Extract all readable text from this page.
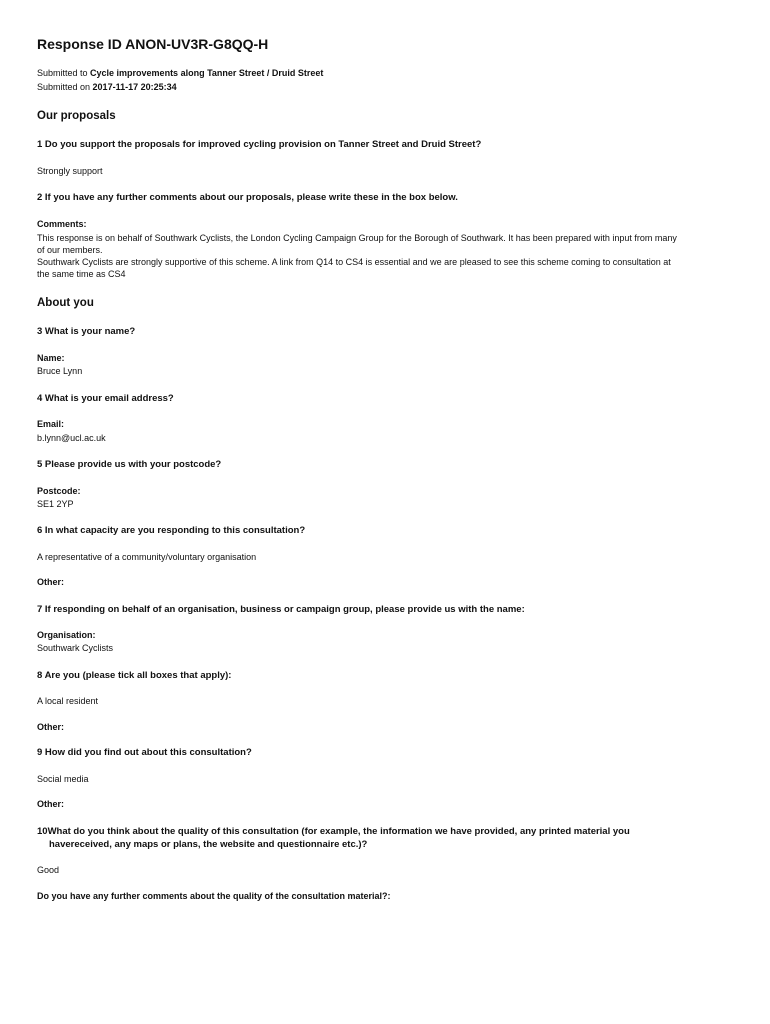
Response ID ANON-UV3R-G8QQ-H
Submitted to Cycle improvements along Tanner Street / Druid Street
Submitted on 2017-11-17 20:25:34
Our proposals
1 Do you support the proposals for improved cycling provision on Tanner Street and Druid Street?
Strongly support
2 If you have any further comments about our proposals, please write these in the box below.
Comments:
This response is on behalf of Southwark Cyclists, the London Cycling Campaign Group for the Borough of Southwark. It has been prepared with input from many
of our members.
Southwark Cyclists are strongly supportive of this scheme. A link from Q14 to CS4 is essential and we are pleased to see this scheme coming to consultation at
the same time as CS4
About you
3 What is your name?
Name:
Bruce Lynn
4 What is your email address?
Email:
b.lynn@ucl.ac.uk
5 Please provide us with your postcode?
Postcode:
SE1 2YP
6 In what capacity are you responding to this consultation?
A representative of a community/voluntary organisation
Other:
7 If responding on behalf of an organisation, business or campaign group, please provide us with the name:
Organisation:
Southwark Cyclists
8 Are you (please tick all boxes that apply):
A local resident
Other:
9 How did you find out about this consultation?
Social media
Other:
10What do you think about the quality of this consultation (for example, the information we have provided, any printed material you
havereceived, any maps or plans, the website and questionnaire etc.)?
Good
Do you have any further comments about the quality of the consultation material?:
